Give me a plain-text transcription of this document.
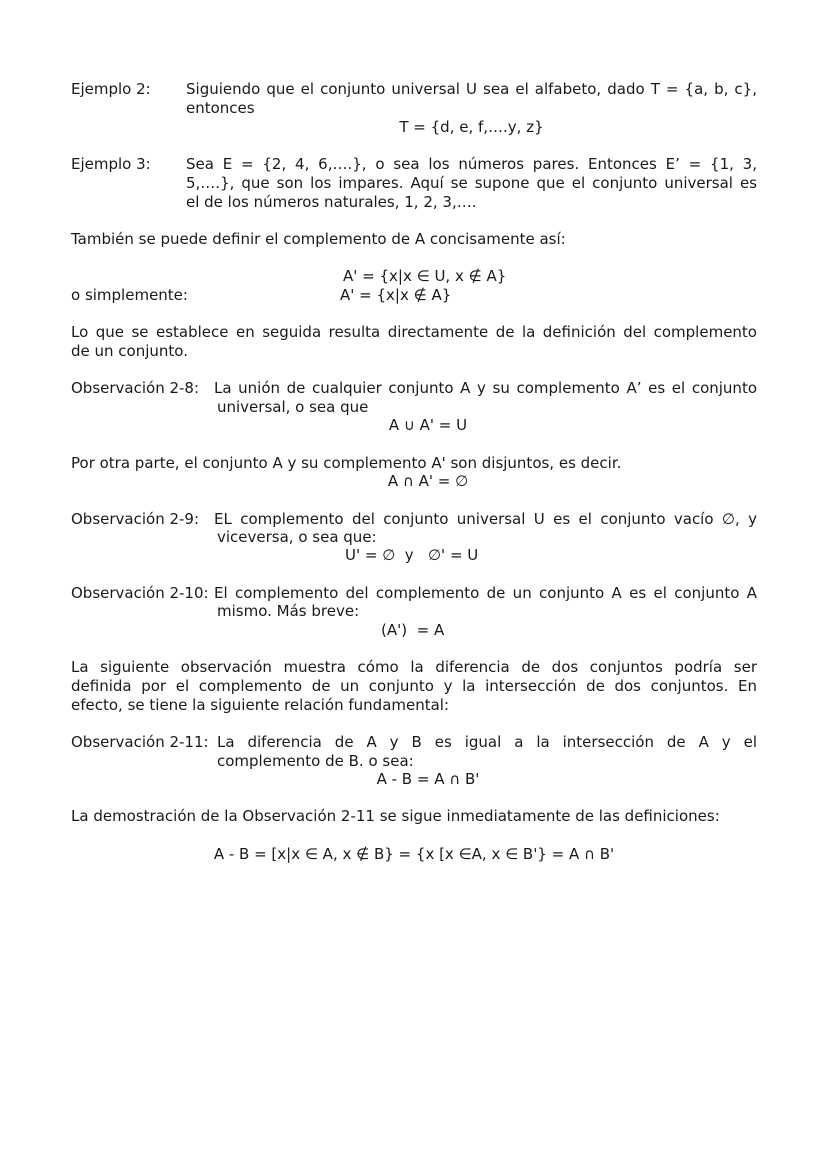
Ejemplo 2: Siguiendo que el conjunto universal U sea el alfabeto, dado T = {a, b, c},
entonces
T = {d, e, f,….y, z}
Ejemplo 3: Sea E = {2, 4, 6,….}, o sea los números pares. Entonces E’ = {1, 3,
5,….}, que son los impares. Aquí se supone que el conjunto universal es
el de los números naturales, 1, 2, 3,….
También se puede definir el complemento de A concisamente así:
A' = {x|x ∈ U, x ∉ A}
o simplemente:	A' = {x|x ∉ A}
Lo que se establece en seguida resulta directamente de la definición del complemento
de un conjunto.
Observación 2-8: La unión de cualquier conjunto A y su complemento A’ es el conjunto
universal, o sea que
A ∪ A' = U
Por otra parte, el conjunto A y su complemento A' son disjuntos, es decir.
A ∩ A' = ∅
Observación 2-9: EL complemento del conjunto universal U es el conjunto vacío ∅, y
viceversa, o sea que:
U' = ∅  y   ∅' = U
Observación 2-10: El complemento del complemento de un conjunto A es el conjunto A
mismo. Más breve:
(A')  = A
La siguiente observación muestra cómo la diferencia de dos conjuntos podría ser
definida por el complemento de un conjunto y la intersección de dos conjuntos. En
efecto, se tiene la siguiente relación fundamental:
Observación 2-11: La diferencia de A y B es igual a la intersección de A y el
complemento de B. o sea:
A - B = A ∩ B'
La demostración de la Observación 2-11 se sigue inmediatamente de las definiciones:
A - B = [x|x ∈ A, x ∉ B} = {x [x ∈A, x ∈ B'} = A ∩ B'
